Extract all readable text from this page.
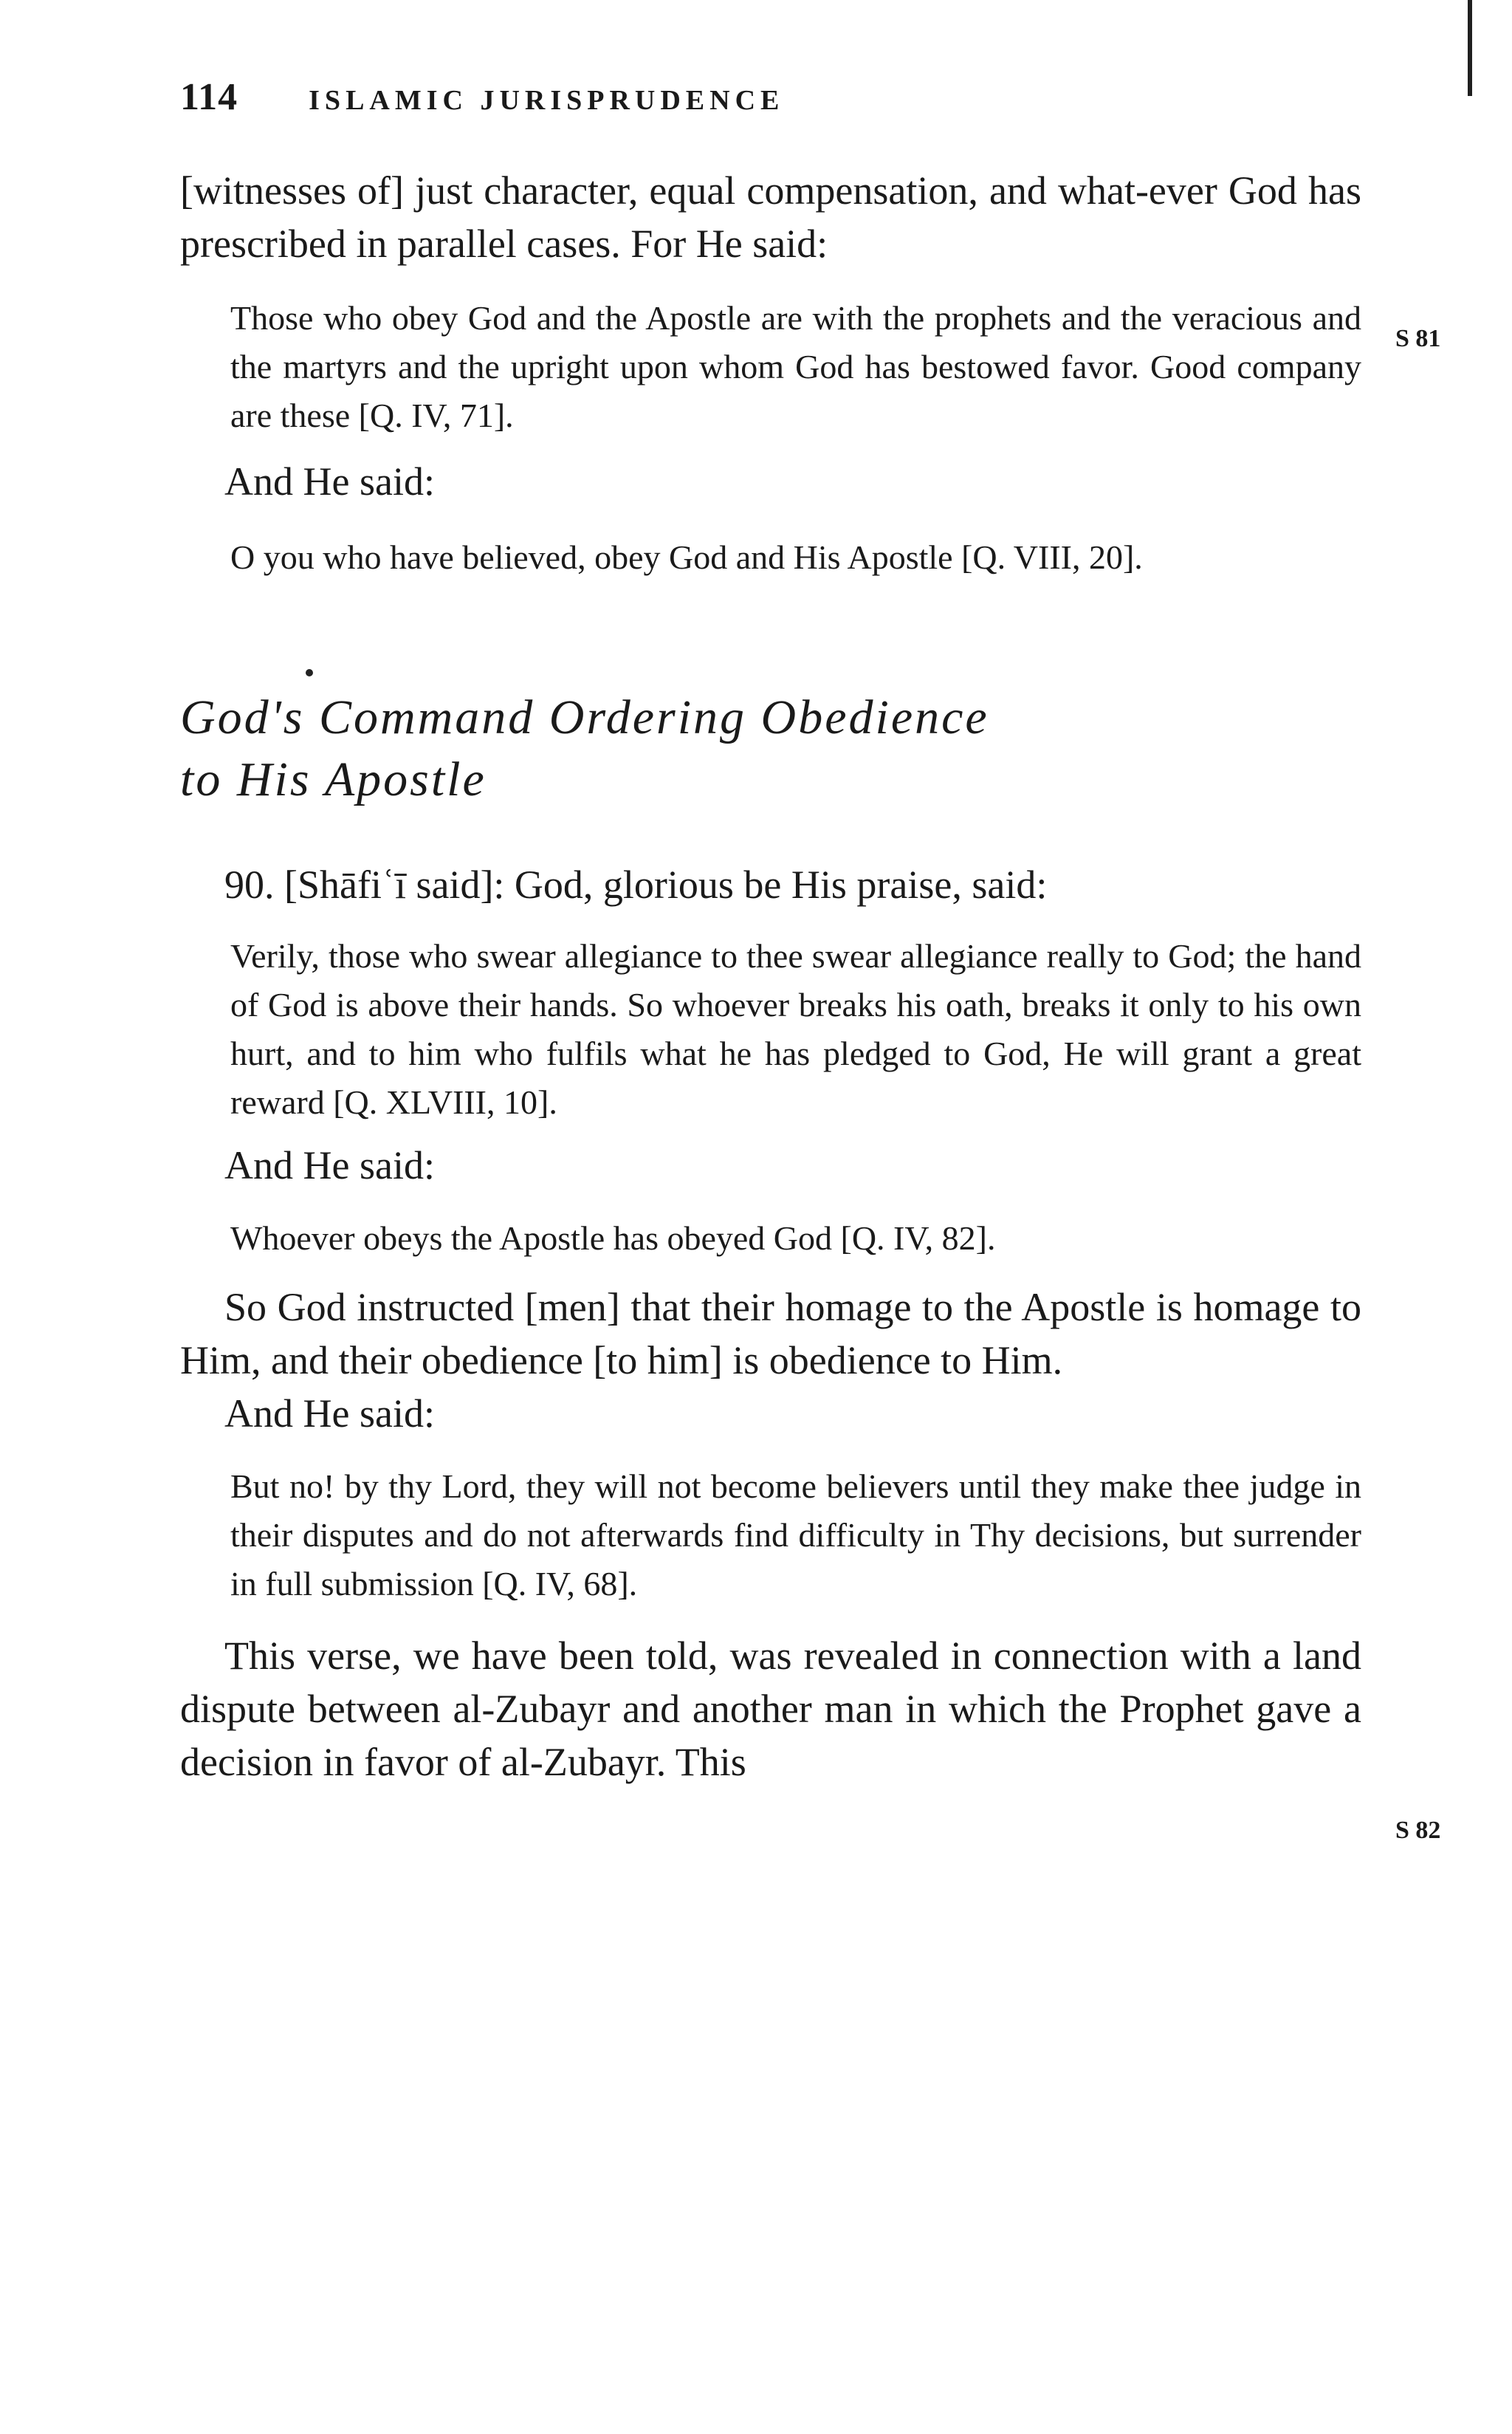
114	ISLAMIC JURISPRUDENCE

[witnesses of] just character, equal compensation, and what-ever God has prescribed in parallel cases. For He said:

Those who obey God and the Apostle are with the prophets and the veracious and the martyrs and the upright upon whom God has bestowed favor. Good company are these [Q. IV, 71].

And He said:

O you who have believed, obey God and His Apostle [Q. VIII, 20].

God's Command Ordering Obedience
to His Apostle

90. [Shāfiʿī said]: God, glorious be His praise, said:

Verily, those who swear allegiance to thee swear allegiance really to God; the hand of God is above their hands. So whoever breaks his oath, breaks it only to his own hurt, and to him who fulfils what he has pledged to God, He will grant a great reward [Q. XLVIII, 10].

And He said:

Whoever obeys the Apostle has obeyed God [Q. IV, 82].

So God instructed [men] that their homage to the Apostle is homage to Him, and their obedience [to him] is obedience to Him.

And He said:

But no! by thy Lord, they will not become believers until they make thee judge in their disputes and do not afterwards find difficulty in Thy decisions, but surrender in full submission [Q. IV, 68].

This verse, we have been told, was revealed in connection with a land dispute between al-Zubayr and another man in which the Prophet gave a decision in favor of al-Zubayr. This

S 81
S 82
